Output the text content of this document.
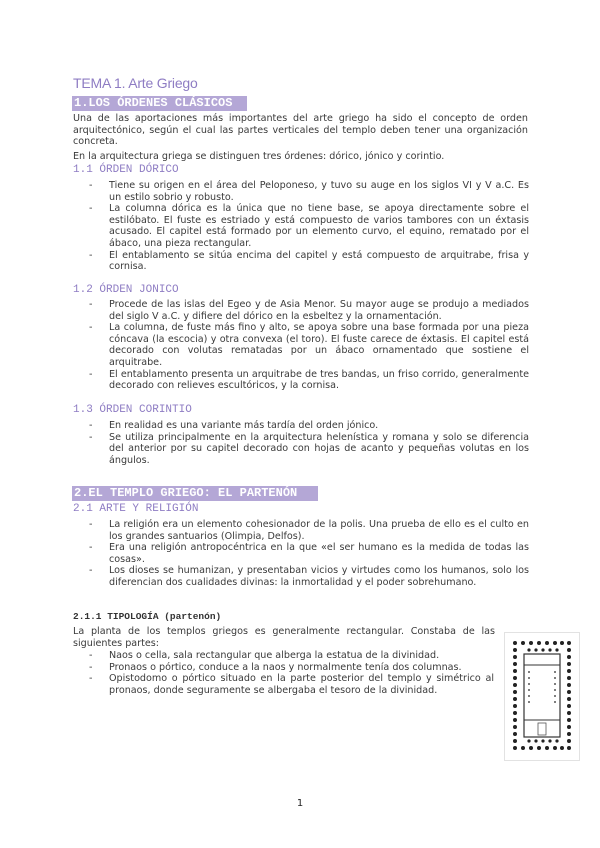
TEMA 1. Arte Griego
1.LOS ÓRDENES CLÁSICOS
Una de las aportaciones más importantes del arte griego ha sido el concepto de orden arquitectónico, según el cual las partes verticales del templo deben tener una organización concreta.
En la arquitectura griega se distinguen tres órdenes: dórico, jónico y corintio.
1.1 ÓRDEN DÓRICO
- Tiene su origen en el área del Peloponeso, y tuvo su auge en los siglos VI y V a.C. Es un estilo sobrio y robusto.
- La columna dórica es la única que no tiene base, se apoya directamente sobre el estilóbato. El fuste es estriado y está compuesto de varios tambores con un éxtasis acusado. El capitel está formado por un elemento curvo, el equino, rematado por el ábaco, una pieza rectangular.
- El entablamento se sitúa encima del capitel y está compuesto de arquitrabe, frisa y cornisa.
1.2 ÓRDEN JONICO
- Procede de las islas del Egeo y de Asia Menor. Su mayor auge se produjo a mediados del siglo V a.C. y difiere del dórico en la esbeltez y la ornamentación.
- La columna, de fuste más fino y alto, se apoya sobre una base formada por una pieza cóncava (la escocia) y otra convexa (el toro). El fuste carece de éxtasis. El capitel está decorado con volutas rematadas por un ábaco ornamentado que sostiene el arquitrabe.
- El entablamento presenta un arquitrabe de tres bandas, un friso corrido, generalmente decorado con relieves escultóricos, y la cornisa.
1.3 ÓRDEN CORINTIO
- En realidad es una variante más tardía del orden jónico.
- Se utiliza principalmente en la arquitectura helenística y romana y solo se diferencia del anterior por su capitel decorado con hojas de acanto y pequeñas volutas en los ángulos.
2.EL TEMPLO GRIEGO: EL PARTENÓN
2.1 ARTE Y RELIGIÓN
- La religión era un elemento cohesionador de la polis. Una prueba de ello es el culto en los grandes santuarios (Olimpia, Delfos).
- Era una religión antropocéntrica en la que «el ser humano es la medida de todas las cosas».
- Los dioses se humanizan, y presentaban vicios y virtudes como los humanos, solo los diferencian dos cualidades divinas: la inmortalidad y el poder sobrehumano.
2.1.1 TIPOLOGÍA (partenón)
La planta de los templos griegos es generalmente rectangular. Constaba de las siguientes partes:
- Naos o cella, sala rectangular que alberga la estatua de la divinidad.
- Pronaos o pórtico, conduce a la naos y normalmente tenía dos columnas.
- Opistodomo o pórtico situado en la parte posterior del templo y simétrico al pronaos, donde seguramente se albergaba el tesoro de la divinidad.
1
